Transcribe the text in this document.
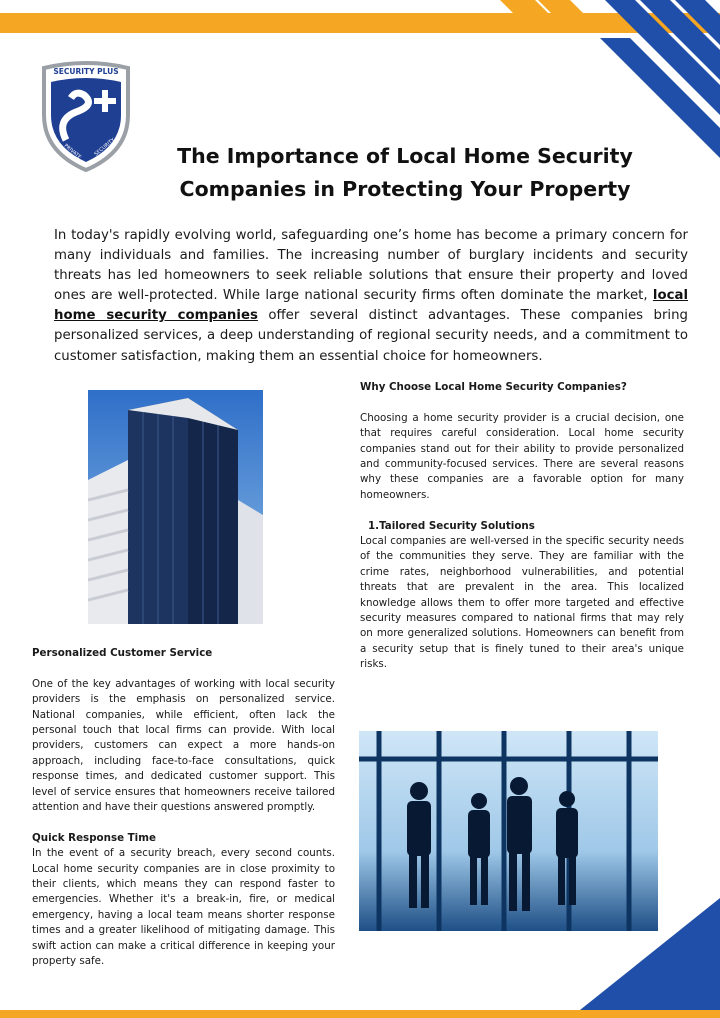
SECURITY PLUS
PRIVATE SECURITY	The Importance of Local Home Security
Companies in Protecting Your Property
In today's rapidly evolving world, safeguarding one’s home has become a primary concern for many individuals and families. The increasing number of burglary incidents and security threats has led homeowners to seek reliable solutions that ensure their property and loved ones are well-protected. While large national security firms often dominate the market, local home security companies offer several distinct advantages. These companies bring personalized services, a deep understanding of regional security needs, and a commitment to customer satisfaction, making them an essential choice for homeowners.

Why Choose Local Home Security Companies?

Choosing a home security provider is a crucial decision, one that requires careful consideration. Local home security companies stand out for their ability to provide personalized and community-focused services. There are several reasons why these companies are a favorable option for many homeowners.

1.Tailored Security Solutions

Local companies are well-versed in the specific security needs of the communities they serve. They are familiar with the crime rates, neighborhood vulnerabilities, and potential threats that are prevalent in the area. This localized knowledge allows them to offer more targeted and effective security measures compared to national firms that may rely on more generalized solutions. Homeowners can benefit from a security setup that is finely tuned to their area's unique risks.

Personalized Customer Service

One of the key advantages of working with local security providers is the emphasis on personalized service. National companies, while efficient, often lack the personal touch that local firms can provide. With local providers, customers can expect a more hands-on approach, including face-to-face consultations, quick response times, and dedicated customer support. This level of service ensures that homeowners receive tailored attention and have their questions answered promptly.

Quick Response Time

In the event of a security breach, every second counts. Local home security companies are in close proximity to their clients, which means they can respond faster to emergencies. Whether it's a break-in, fire, or medical emergency, having a local team means shorter response times and a greater likelihood of mitigating damage. This swift action can make a critical difference in keeping your property safe.
